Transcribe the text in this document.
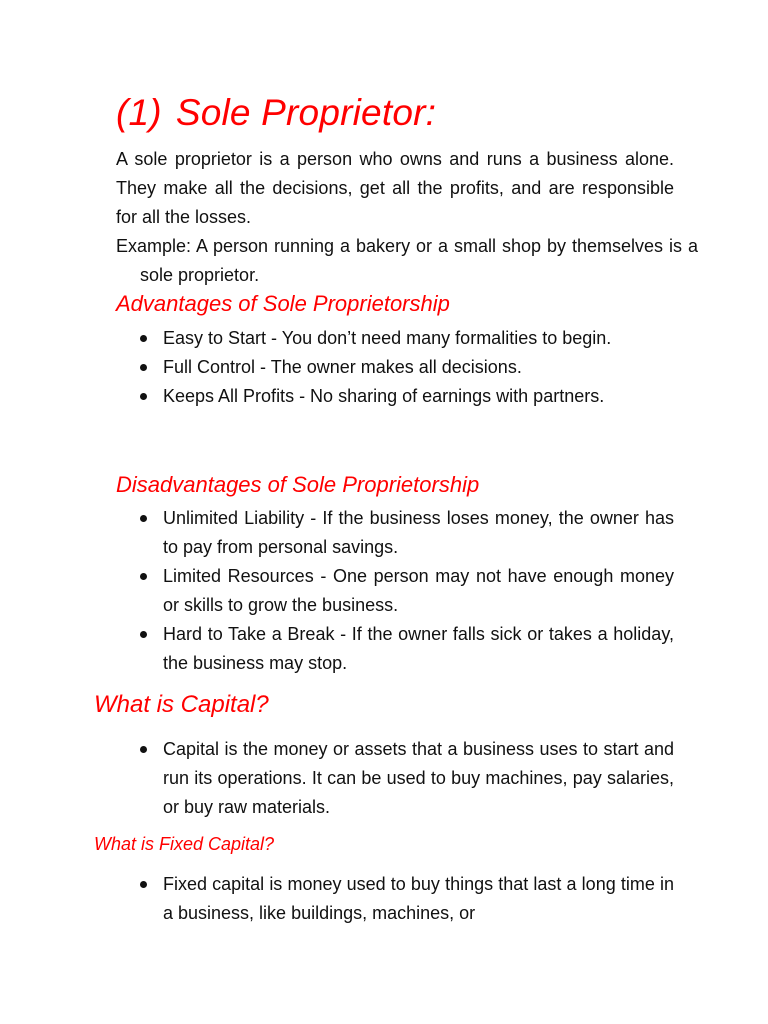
(1) Sole Proprietor:
A sole proprietor is a person who owns and runs a business alone. They make all the decisions, get all the profits, and are responsible for all the losses.
Example: A person running a bakery or a small shop by themselves is a sole proprietor.
Advantages of Sole Proprietorship
Easy to Start - You don’t need many formalities to begin.
Full Control - The owner makes all decisions.
Keeps All Profits - No sharing of earnings with partners.
Disadvantages of Sole Proprietorship
Unlimited Liability - If the business loses money, the owner has to pay from personal savings.
Limited Resources - One person may not have enough money or skills to grow the business.
Hard to Take a Break - If the owner falls sick or takes a holiday, the business may stop.
What is Capital?
Capital is the money or assets that a business uses to start and run its operations. It can be used to buy machines, pay salaries, or buy raw materials.
What is Fixed Capital?
Fixed capital is money used to buy things that last a long time in a business, like buildings, machines, or
